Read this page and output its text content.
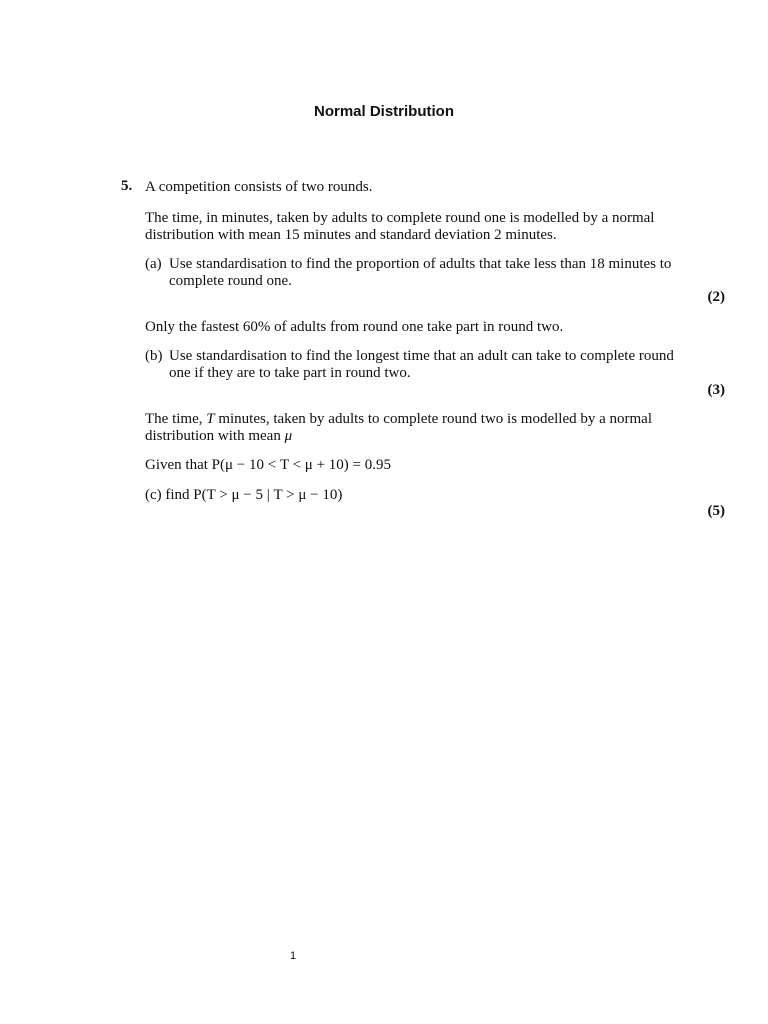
Normal Distribution
5. A competition consists of two rounds.
The time, in minutes, taken by adults to complete round one is modelled by a normal
distribution with mean 15 minutes and standard deviation 2 minutes.
(a) Use standardisation to find the proportion of adults that take less than 18 minutes to
complete round one.
(2)
Only the fastest 60% of adults from round one take part in round two.
(b) Use standardisation to find the longest time that an adult can take to complete round
one if they are to take part in round two.
(3)
The time, T minutes, taken by adults to complete round two is modelled by a normal
distribution with mean μ
Given that P(μ − 10 < T < μ + 10) = 0.95
(c) find P(T > μ − 5 | T > μ − 10)
(5)
1
